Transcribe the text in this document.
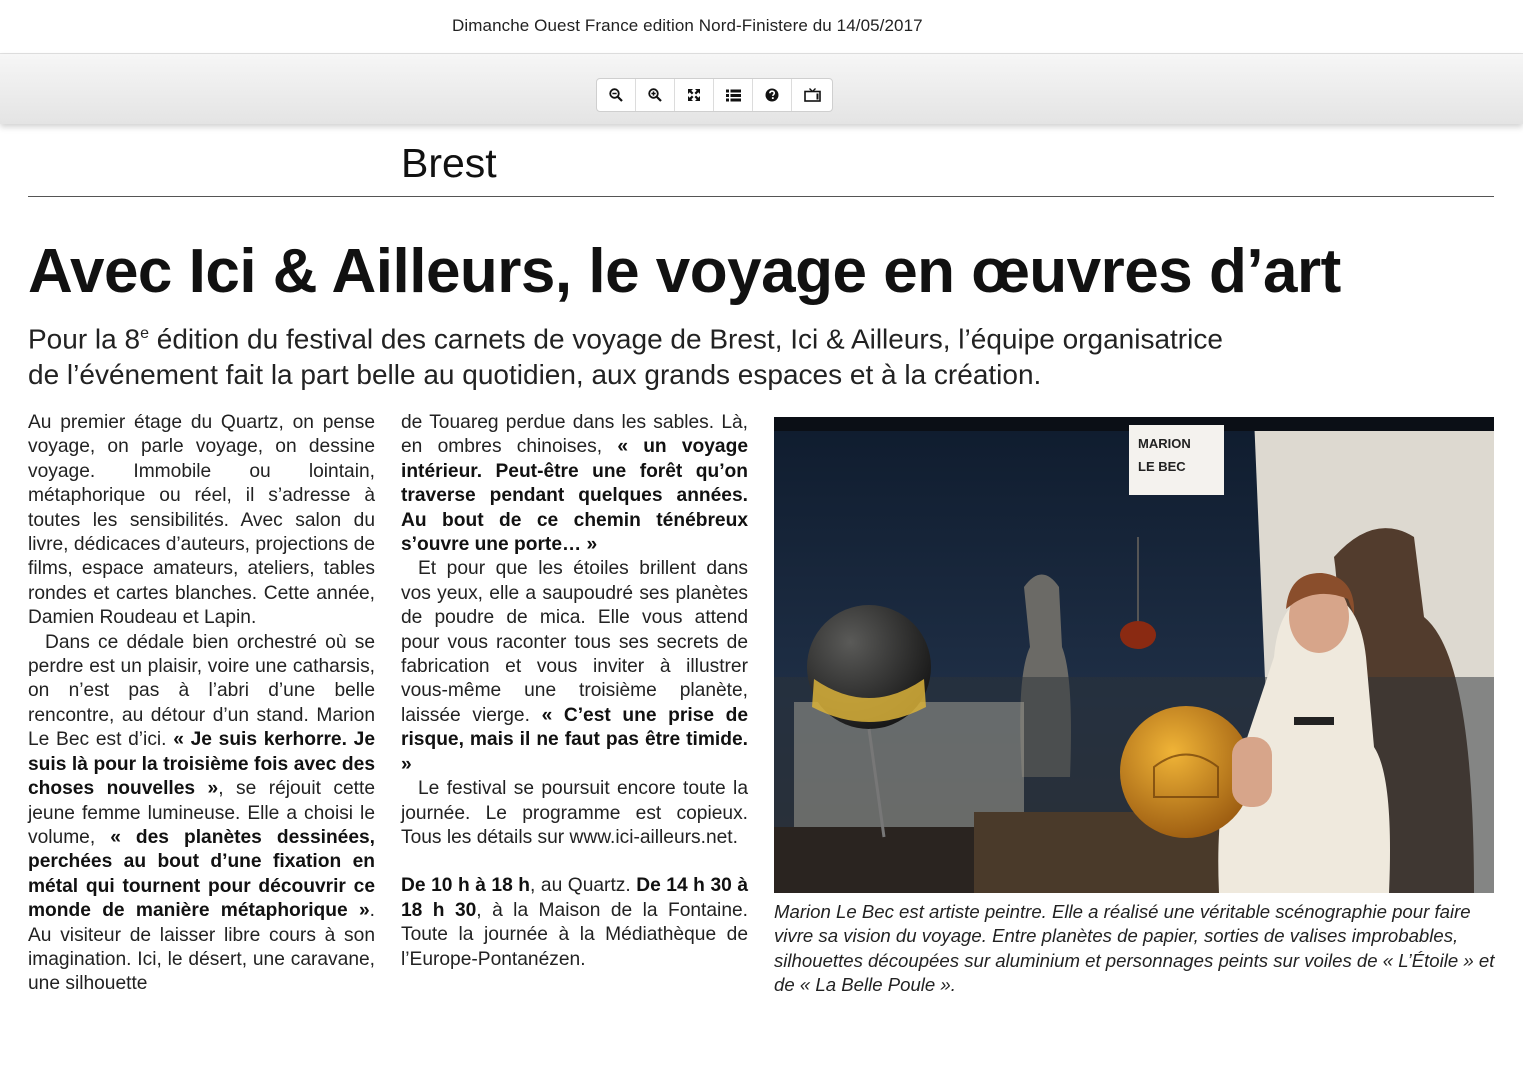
Dimanche Ouest France edition Nord-Finistere du 14/05/2017
Brest
Avec Ici & Ailleurs, le voyage en œuvres d’art

Pour la 8e édition du festival des carnets de voyage de Brest, Ici & Ailleurs, l’équipe organisatrice

de l’événement fait la part belle au quotidien, aux grands espaces et à la création.

Au premier étage du Quartz, on pense voyage, on parle voyage, on dessine voyage. Immobile ou lointain, métaphorique ou réel, il s’adresse à toutes les sensibilités. Avec salon du livre, dédicaces d’auteurs, projections de films, espace amateurs, ateliers, tables rondes et cartes blanches. Cette année, Damien Roudeau et Lapin.

Dans ce dédale bien orchestré où se perdre est un plaisir, voire une catharsis, on n’est pas à l’abri d’une belle rencontre, au détour d’un stand. Marion Le Bec est d’ici. « Je suis kerhorre. Je suis là pour la troisième fois avec des choses nouvelles », se réjouit cette jeune femme lumineuse. Elle a choisi le volume, « des planètes dessinées, perchées au bout d’une fixation en métal qui tournent pour découvrir ce monde de manière métaphorique ». Au visiteur de laisser libre cours à son imagination. Ici, le désert, une caravane, une silhouette

de Touareg perdue dans les sables. Là, en ombres chinoises, « un voyage intérieur. Peut-être une forêt qu’on traverse pendant quelques années. Au bout de ce chemin ténébreux s’ouvre une porte… »

Et pour que les étoiles brillent dans vos yeux, elle a saupoudré ses planètes de poudre de mica. Elle vous attend pour vous raconter tous ses secrets de fabrication et vous inviter à illustrer vous-même une troisième planète, laissée vierge. « C’est une prise de risque, mais il ne faut pas être timide. »

Le festival se poursuit encore toute la journée. Le programme est copieux. Tous les détails sur www.ici-ailleurs.net.

De 10 h à 18 h, au Quartz. De 14 h 30 à 18 h 30, à la Maison de la Fontaine. Toute la journée à la Médiathèque de l’Europe-Pontanézen.

MARION
LE BEC

Marion Le Bec est artiste peintre. Elle a réalisé une véritable scénographie pour faire vivre sa vision du voyage. Entre planètes de papier, sorties de valises improbables, silhouettes découpées sur aluminium et personnages peints sur voiles de « L’Étoile » et de « La Belle Poule ».
